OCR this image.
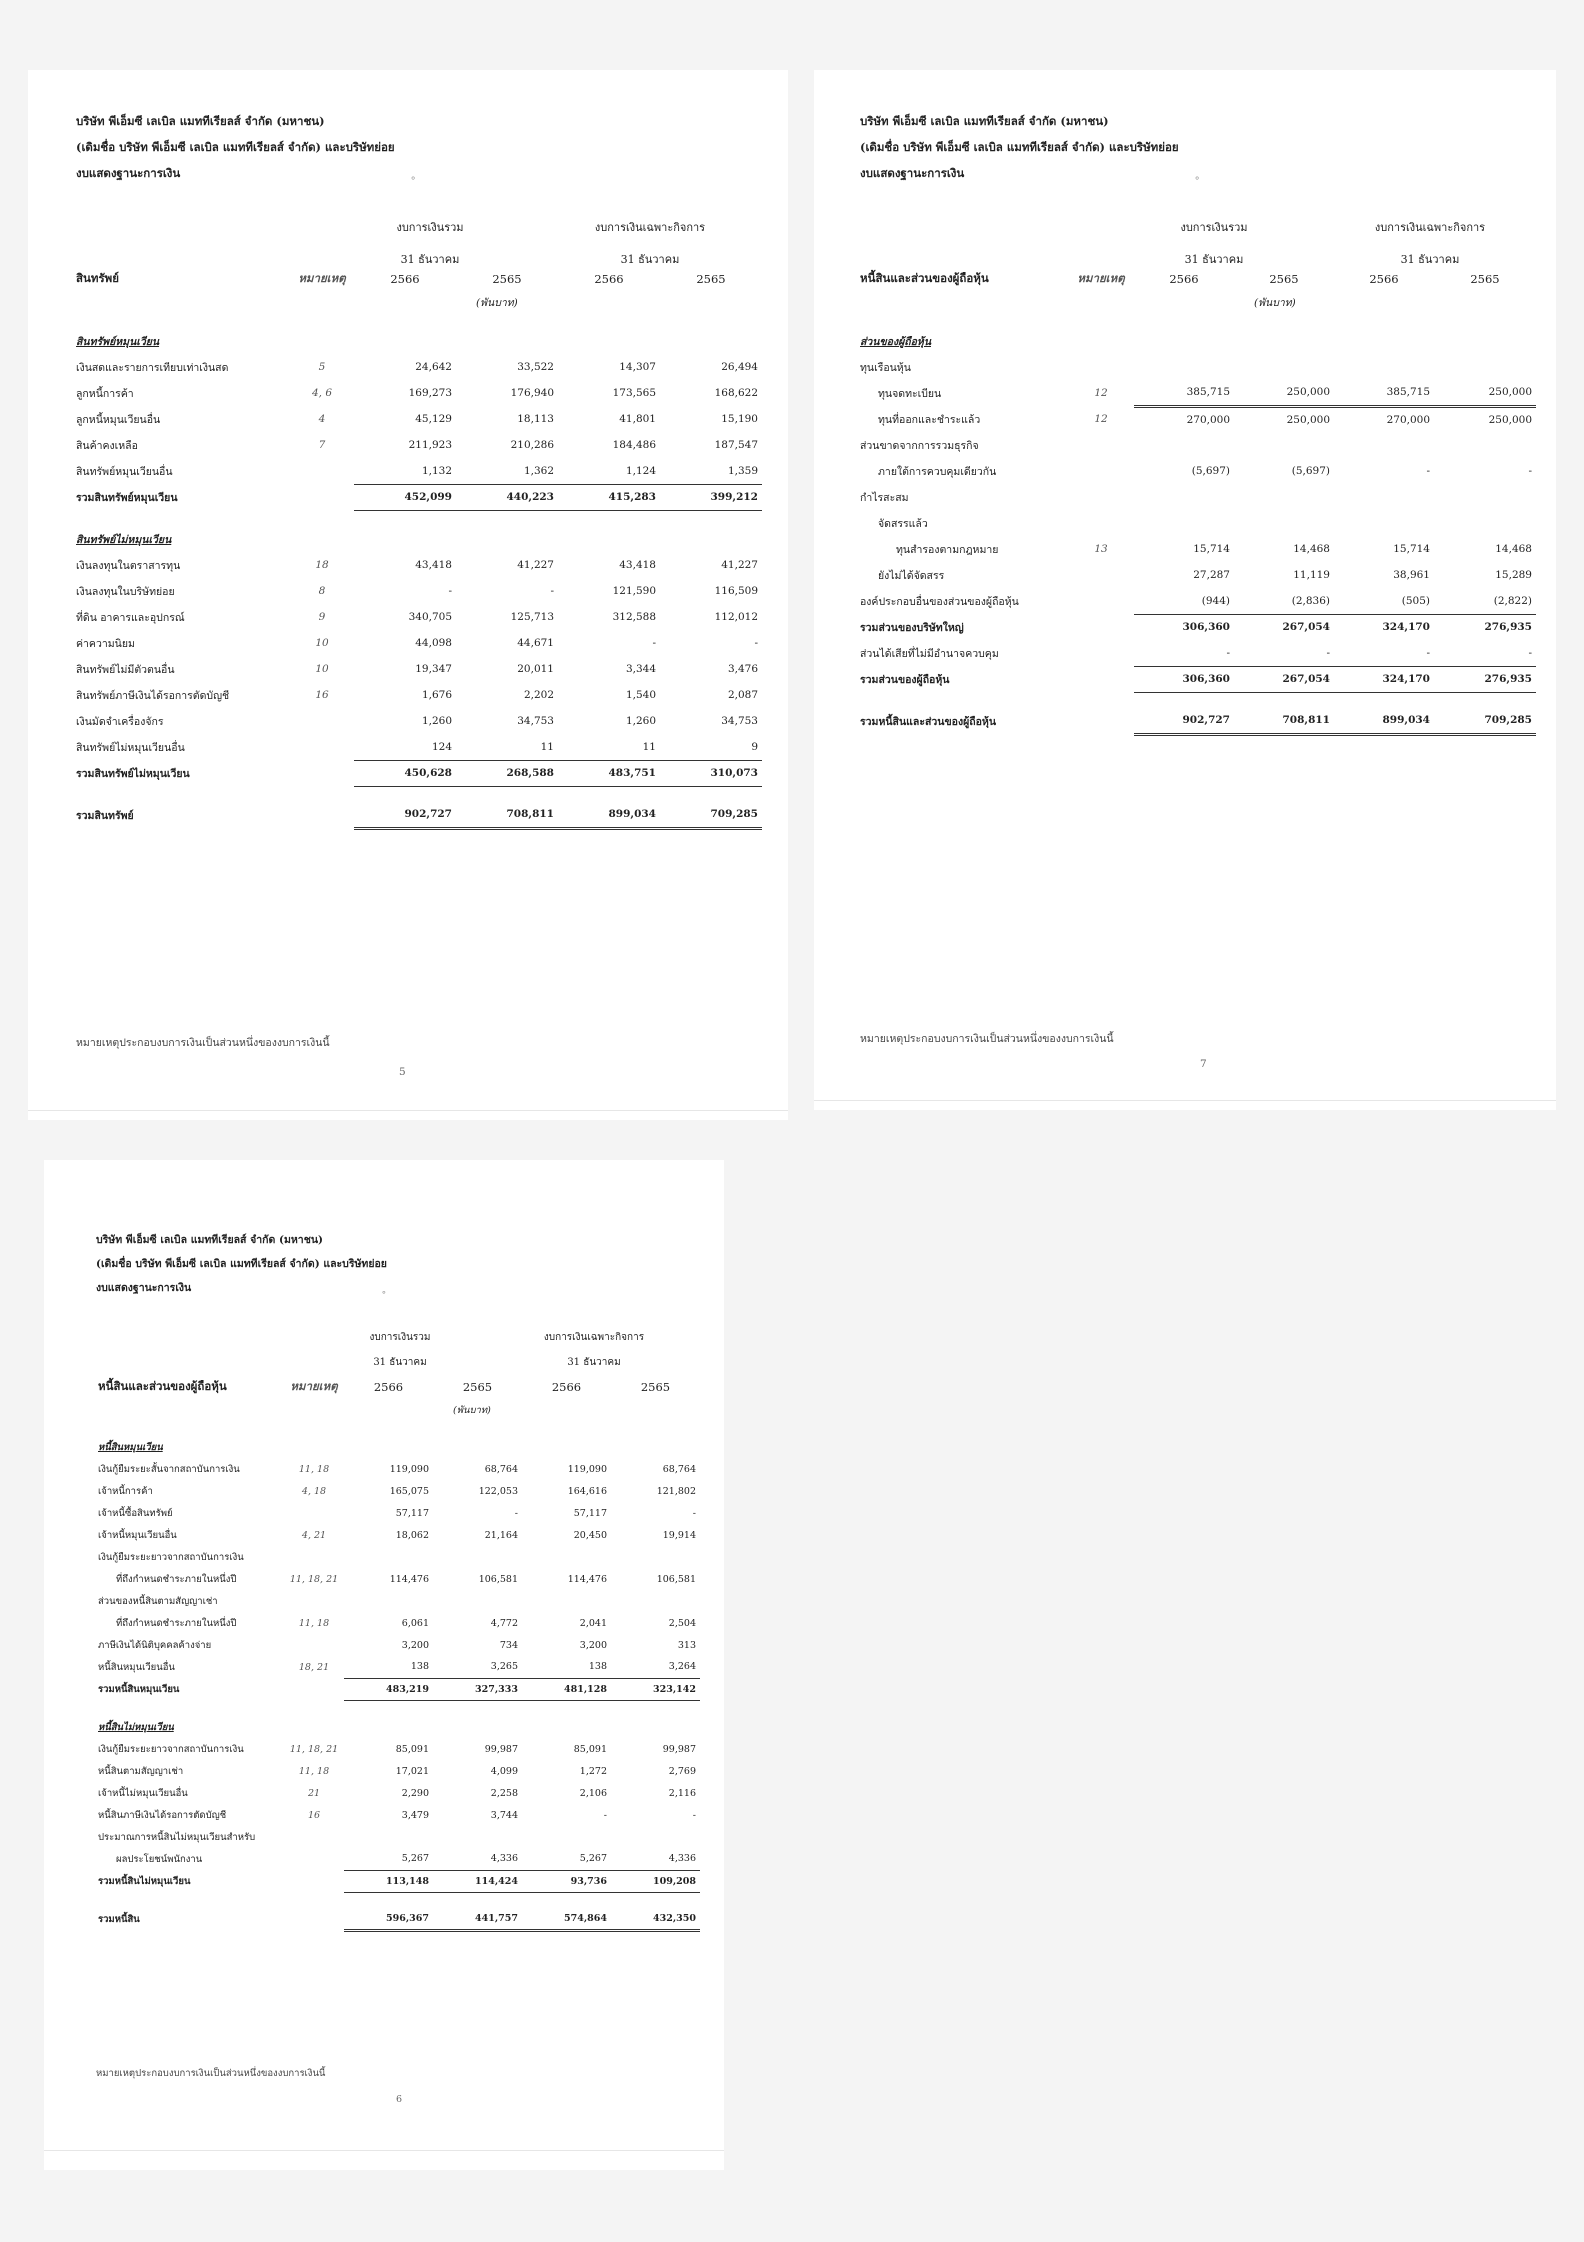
บริษัท พีเอ็มซี เลเบิล แมททีเรียลส์ จำกัด (มหาชน)
(เดิมชื่อ บริษัท พีเอ็มซี เลเบิล แมททีเรียลส์ จำกัด) และบริษัทย่อย
งบแสดงฐานะการเงิน	˳
งบการเงินรวม
31 ธันวาคม
งบการเงินเฉพาะกิจการ
31 ธันวาคม
สินทรัพย์	หมายเหตุ	2566	2565	2566	2565
			(พันบาท)		

สินทรัพย์หมุนเวียน					
เงินสดและรายการเทียบเท่าเงินสด	5	24,642	33,522	14,307	26,494
ลูกหนี้การค้า	4, 6	169,273	176,940	173,565	168,622
ลูกหนี้หมุนเวียนอื่น	4	45,129	18,113	41,801	15,190
สินค้าคงเหลือ	7	211,923	210,286	184,486	187,547
สินทรัพย์หมุนเวียนอื่น		1,132	1,362	1,124	1,359
รวมสินทรัพย์หมุนเวียน		452,099	440,223	415,283	399,212

สินทรัพย์ไม่หมุนเวียน					
เงินลงทุนในตราสารทุน	18	43,418	41,227	43,418	41,227
เงินลงทุนในบริษัทย่อย	8	-	-	121,590	116,509
ที่ดิน อาคารและอุปกรณ์	9	340,705	125,713	312,588	112,012
ค่าความนิยม	10	44,098	44,671	-	-
สินทรัพย์ไม่มีตัวตนอื่น	10	19,347	20,011	3,344	3,476
สินทรัพย์ภาษีเงินได้รอการตัดบัญชี	16	1,676	2,202	1,540	2,087
เงินมัดจำเครื่องจักร		1,260	34,753	1,260	34,753
สินทรัพย์ไม่หมุนเวียนอื่น		124	11	11	9
รวมสินทรัพย์ไม่หมุนเวียน		450,628	268,588	483,751	310,073

รวมสินทรัพย์		902,727	708,811	899,034	709,285
หมายเหตุประกอบงบการเงินเป็นส่วนหนึ่งของงบการเงินนี้
5
บริษัท พีเอ็มซี เลเบิล แมททีเรียลส์ จำกัด (มหาชน)
(เดิมชื่อ บริษัท พีเอ็มซี เลเบิล แมททีเรียลส์ จำกัด) และบริษัทย่อย
งบแสดงฐานะการเงิน	˳
งบการเงินรวม
31 ธันวาคม
งบการเงินเฉพาะกิจการ
31 ธันวาคม
หนี้สินและส่วนของผู้ถือหุ้น	หมายเหตุ	2566	2565	2566	2565
			(พันบาท)		

ส่วนของผู้ถือหุ้น					
ทุนเรือนหุ้น					
ทุนจดทะเบียน	12	385,715	250,000	385,715	250,000
ทุนที่ออกและชำระแล้ว	12	270,000	250,000	270,000	250,000
ส่วนขาดจากการรวมธุรกิจ					
ภายใต้การควบคุมเดียวกัน		(5,697)	(5,697)	-	-
กำไรสะสม					
จัดสรรแล้ว					
ทุนสำรองตามกฎหมาย	13	15,714	14,468	15,714	14,468
ยังไม่ได้จัดสรร		27,287	11,119	38,961	15,289
องค์ประกอบอื่นของส่วนของผู้ถือหุ้น		(944)	(2,836)	(505)	(2,822)
รวมส่วนของบริษัทใหญ่		306,360	267,054	324,170	276,935
ส่วนได้เสียที่ไม่มีอำนาจควบคุม		-	-	-	-
รวมส่วนของผู้ถือหุ้น		306,360	267,054	324,170	276,935

รวมหนี้สินและส่วนของผู้ถือหุ้น		902,727	708,811	899,034	709,285
หมายเหตุประกอบงบการเงินเป็นส่วนหนึ่งของงบการเงินนี้
7
บริษัท พีเอ็มซี เลเบิล แมททีเรียลส์ จำกัด (มหาชน)
(เดิมชื่อ บริษัท พีเอ็มซี เลเบิล แมททีเรียลส์ จำกัด) และบริษัทย่อย
งบแสดงฐานะการเงิน	˳
งบการเงินรวม
31 ธันวาคม
งบการเงินเฉพาะกิจการ
31 ธันวาคม
หนี้สินและส่วนของผู้ถือหุ้น	หมายเหตุ	2566	2565	2566	2565
			(พันบาท)		

หนี้สินหมุนเวียน					
เงินกู้ยืมระยะสั้นจากสถาบันการเงิน	11, 18	119,090	68,764	119,090	68,764
เจ้าหนี้การค้า	4, 18	165,075	122,053	164,616	121,802
เจ้าหนี้ซื้อสินทรัพย์		57,117	-	57,117	-
เจ้าหนี้หมุนเวียนอื่น	4, 21	18,062	21,164	20,450	19,914
เงินกู้ยืมระยะยาวจากสถาบันการเงิน					
ที่ถึงกำหนดชำระภายในหนึ่งปี	11, 18, 21	114,476	106,581	114,476	106,581
ส่วนของหนี้สินตามสัญญาเช่า					
ที่ถึงกำหนดชำระภายในหนึ่งปี	11, 18	6,061	4,772	2,041	2,504
ภาษีเงินได้นิติบุคคลค้างจ่าย		3,200	734	3,200	313
หนี้สินหมุนเวียนอื่น	18, 21	138	3,265	138	3,264
รวมหนี้สินหมุนเวียน		483,219	327,333	481,128	323,142

หนี้สินไม่หมุนเวียน					
เงินกู้ยืมระยะยาวจากสถาบันการเงิน	11, 18, 21	85,091	99,987	85,091	99,987
หนี้สินตามสัญญาเช่า	11, 18	17,021	4,099	1,272	2,769
เจ้าหนี้ไม่หมุนเวียนอื่น	21	2,290	2,258	2,106	2,116
หนี้สินภาษีเงินได้รอการตัดบัญชี	16	3,479	3,744	-	-
ประมาณการหนี้สินไม่หมุนเวียนสำหรับ					
ผลประโยชน์พนักงาน		5,267	4,336	5,267	4,336
รวมหนี้สินไม่หมุนเวียน		113,148	114,424	93,736	109,208

รวมหนี้สิน		596,367	441,757	574,864	432,350
หมายเหตุประกอบงบการเงินเป็นส่วนหนึ่งของงบการเงินนี้
6
